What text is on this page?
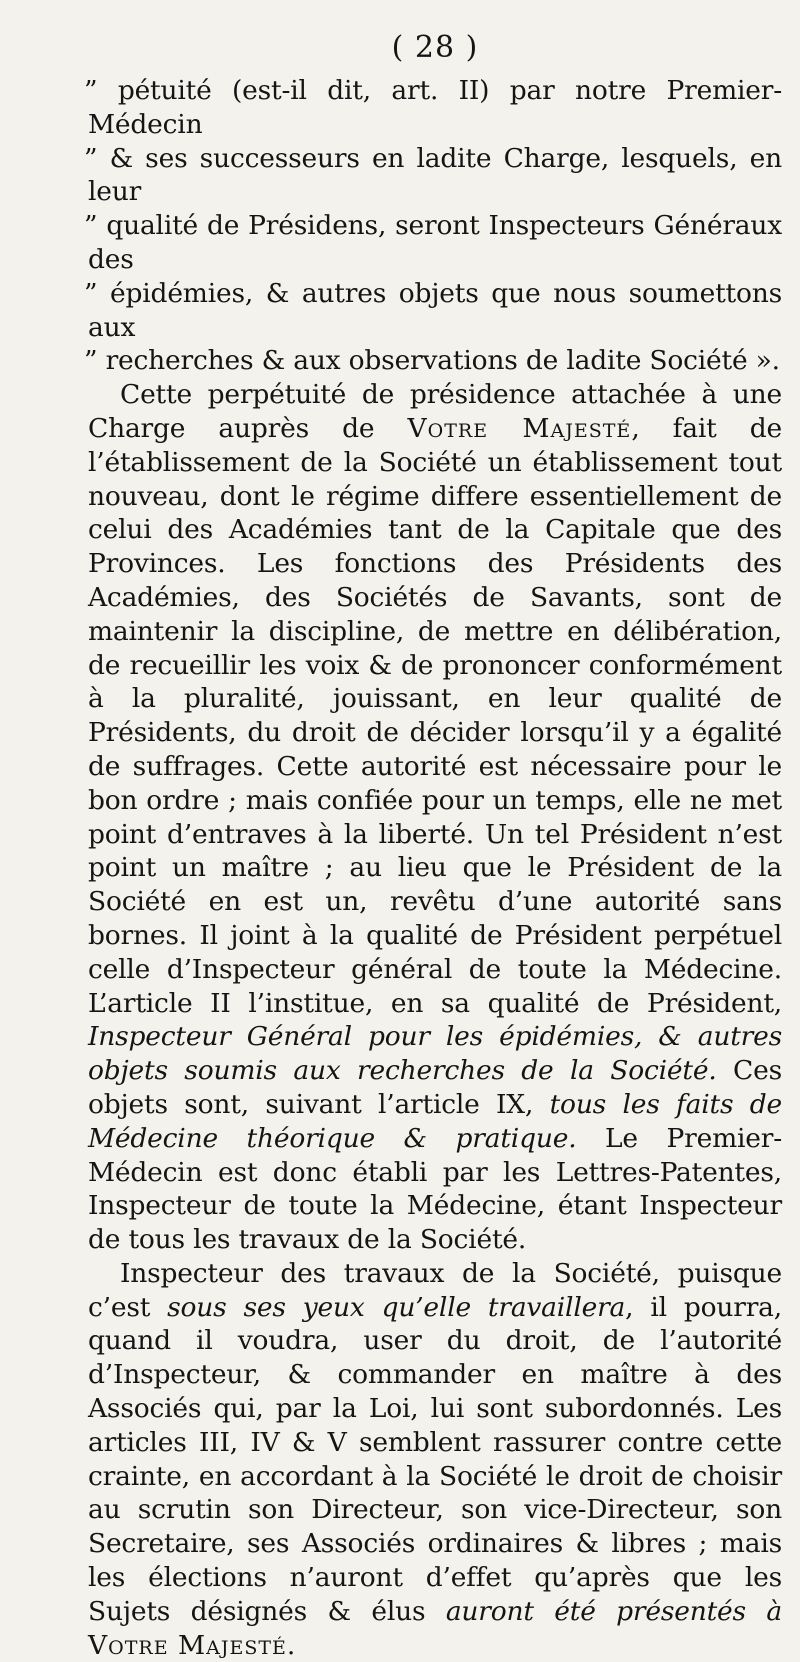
( 28 )
” pétuité (est-il dit, art. II) par notre Premier-Médecin
” & ses successeurs en ladite Charge, lesquels, en leur
” qualité de Présidens, seront Inspecteurs Généraux des
” épidémies, & autres objets que nous soumettons aux
” recherches & aux observations de ladite Société ».

Cette perpétuité de présidence attachée à une Charge auprès de Votre Majesté, fait de l’établissement de la Société un établissement tout nouveau, dont le régime differe essentiellement de celui des Académies tant de la Capitale que des Provinces. Les fonctions des Présidents des Académies, des Sociétés de Savants, sont de maintenir la discipline, de mettre en délibération, de recueillir les voix & de prononcer conformément à la pluralité, jouissant, en leur qualité de Présidents, du droit de décider lorsqu’il y a égalité de suffrages. Cette autorité est nécessaire pour le bon ordre ; mais confiée pour un temps, elle ne met point d’entraves à la liberté. Un tel Président n’est point un maître ; au lieu que le Président de la Société en est un, revêtu d’une autorité sans bornes. Il joint à la qualité de Président perpétuel celle d’Inspecteur général de toute la Médecine. L’article II l’institue, en sa qualité de Président, Inspecteur Général pour les épidémies, & autres objets soumis aux recherches de la Société. Ces objets sont, suivant l’article IX, tous les faits de Médecine théorique & pratique. Le Premier-Médecin est donc établi par les Lettres-Patentes, Inspecteur de toute la Médecine, étant Inspecteur de tous les travaux de la Société.

Inspecteur des travaux de la Société, puisque c’est sous ses yeux qu’elle travaillera, il pourra, quand il voudra, user du droit, de l’autorité d’Inspecteur, & commander en maître à des Associés qui, par la Loi, lui sont subordonnés. Les articles III, IV & V semblent rassurer contre cette crainte, en accordant à la Société le droit de choisir au scrutin son Directeur, son vice-Directeur, son Secretaire, ses Associés ordinaires & libres ; mais les élections n’auront d’effet qu’après que les Sujets désignés & élus auront été présentés à Votre Majesté.
